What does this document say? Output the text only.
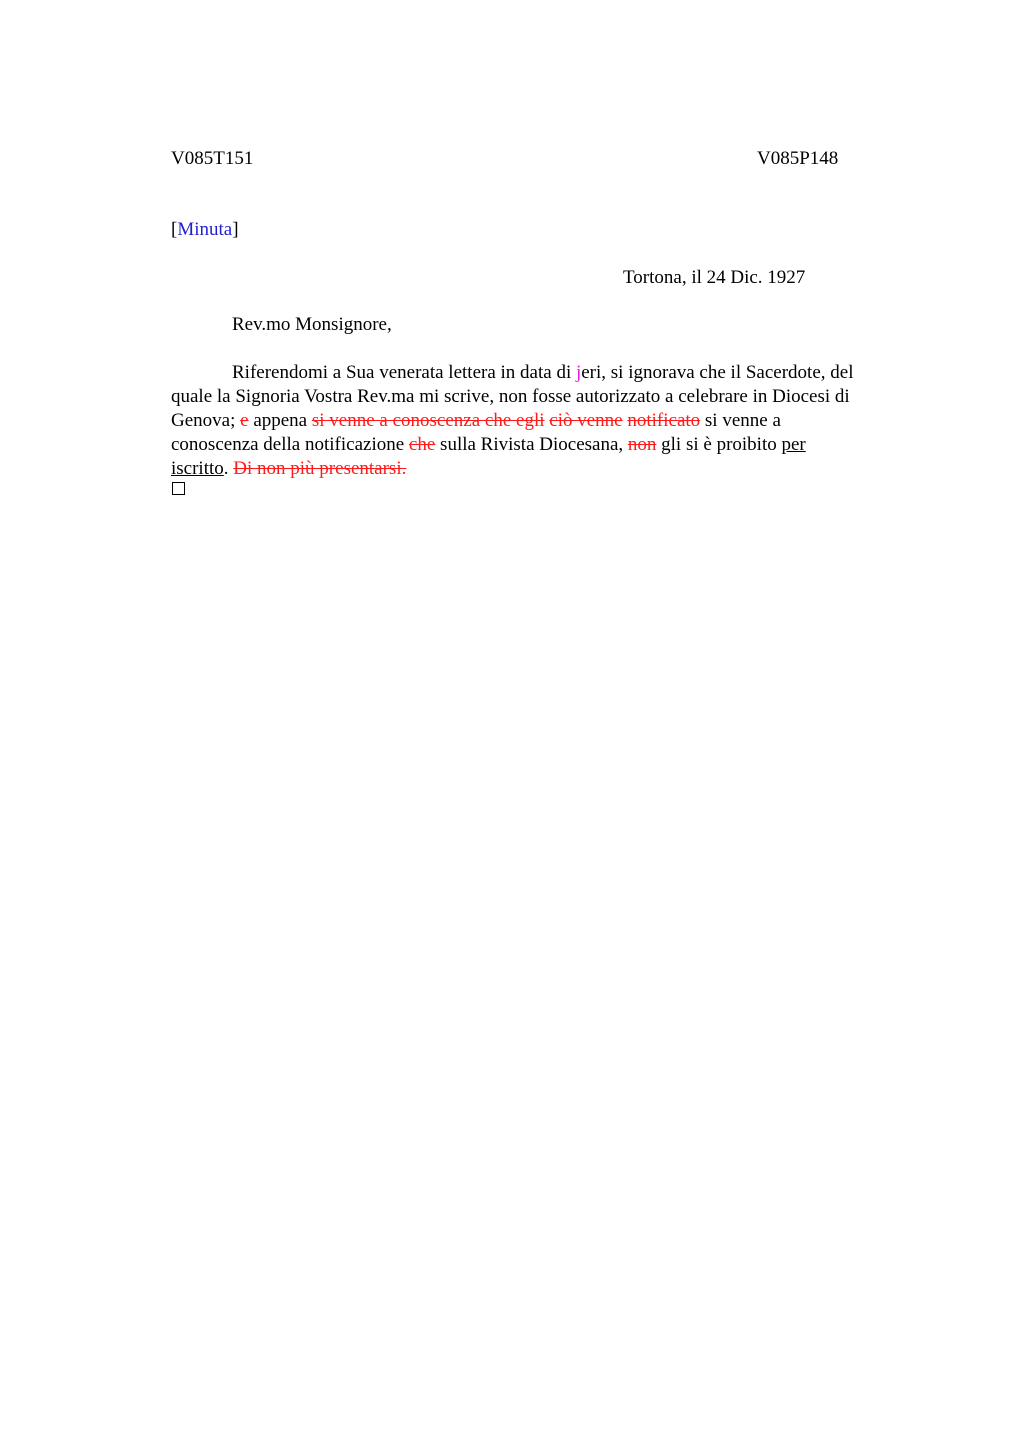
V085T151	V085P148
[Minuta]
Tortona, il 24 Dic. 1927
Rev.mo Monsignore,
Riferendomi a Sua venerata lettera in data di jeri, si ignorava che il Sacerdote, del
quale la Signoria Vostra Rev.ma mi scrive, non fosse autorizzato a celebrare in Diocesi di
Genova; e appena si venne a conoscenza che egli ciò venne notificato si venne a
conoscenza della notificazione che sulla Rivista Diocesana, non gli si è proibito per
iscritto. Di non più presentarsi.
